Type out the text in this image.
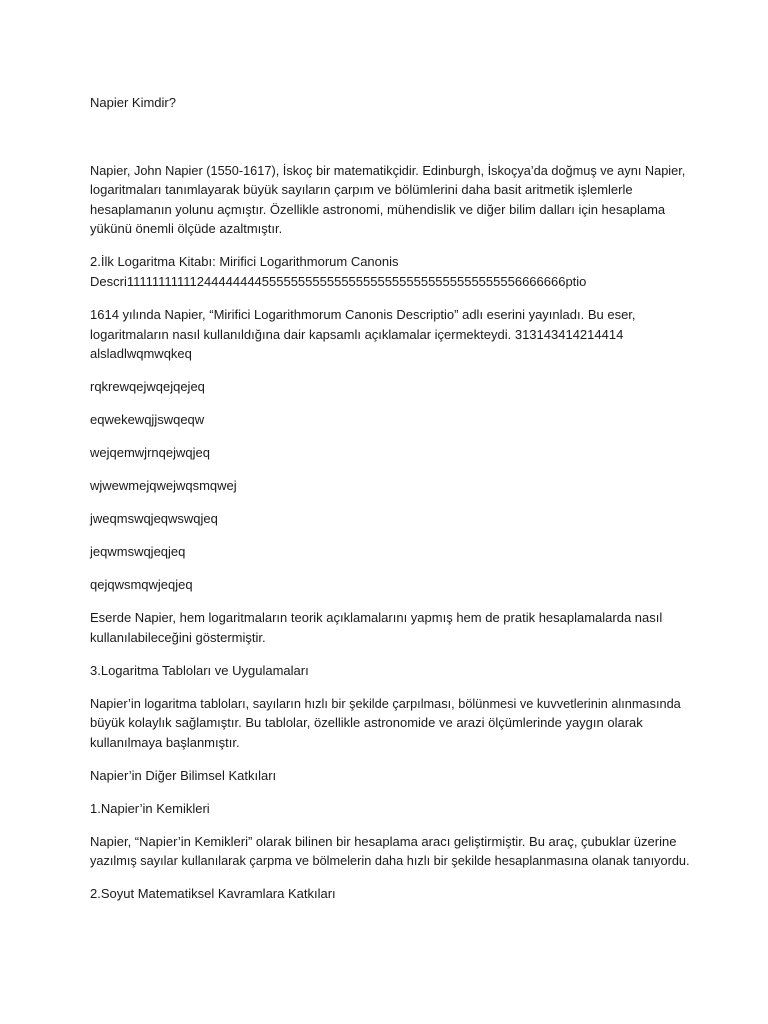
Napier Kimdir?

Napier, John Napier (1550-1617), İskoç bir matematikçidir. Edinburgh, İskoçya’da doğmuş ve aynı Napier,
logaritmaları tanımlayarak büyük sayıların çarpım ve bölümlerini daha basit aritmetik işlemlerle
hesaplamanın yolunu açmıştır. Özellikle astronomi, mühendislik ve diğer bilim dalları için hesaplama
yükünü önemli ölçüde azaltmıştır.

2.İlk Logaritma Kitabı: Mirifici Logarithmorum Canonis
Descri11111111111244444444555555555555555555555555555555555556666666ptio

1614 yılında Napier, “Mirifici Logarithmorum Canonis Descriptio” adlı eserini yayınladı. Bu eser,
logaritmaların nasıl kullanıldığına dair kapsamlı açıklamalar içermekteydi. 313143414214414
alsladlwqmwqkeq

rqkrewqejwqejqejeq

eqwekewqjjswqeqw

wejqemwjrnqejwqjeq

wjwewmejqwejwqsmqwej

jweqmswqjeqwswqjeq

jeqwmswqjeqjeq

qejqwsmqwjeqjeq

Eserde Napier, hem logaritmaların teorik açıklamalarını yapmış hem de pratik hesaplamalarda nasıl
kullanılabileceğini göstermiştir.

3.Logaritma Tabloları ve Uygulamaları

Napier’in logaritma tabloları, sayıların hızlı bir şekilde çarpılması, bölünmesi ve kuvvetlerinin alınmasında
büyük kolaylık sağlamıştır. Bu tablolar, özellikle astronomide ve arazi ölçümlerinde yaygın olarak
kullanılmaya başlanmıştır.

Napier’in Diğer Bilimsel Katkıları

1.Napier’in Kemikleri

Napier, “Napier’in Kemikleri” olarak bilinen bir hesaplama aracı geliştirmiştir. Bu araç, çubuklar üzerine
yazılmış sayılar kullanılarak çarpma ve bölmelerin daha hızlı bir şekilde hesaplanmasına olanak tanıyordu.

2.Soyut Matematiksel Kavramlara Katkıları
